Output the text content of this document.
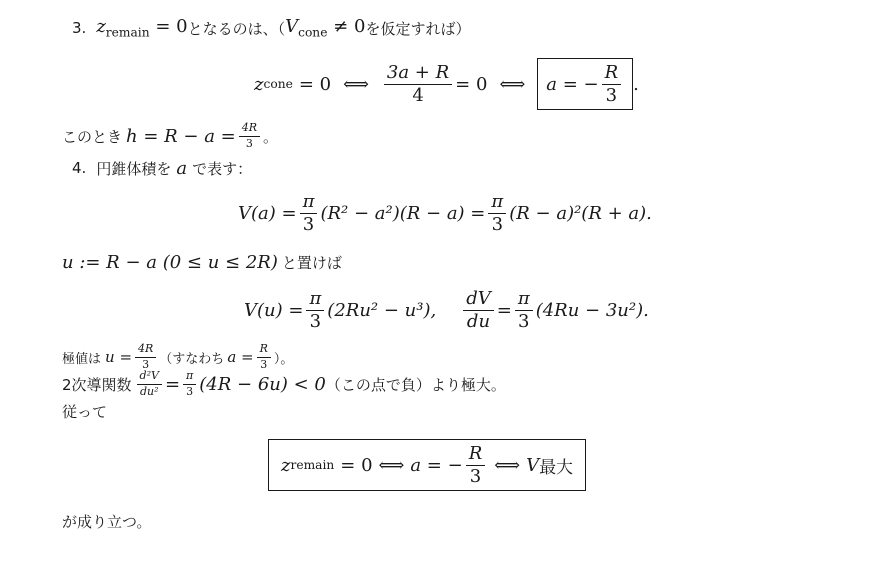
3. $z_{remain} = 0$ となるのは、（ $V_{cone} \ne 0$ を仮定すれば）
z cone = 0 ⟺ $\frac{3a + R}{4} = 0$ ⟺ a = − $\frac{R}{3}$ .
このとき $h = R - a = \frac{4R}{3}$ 。
4. 円錐体積を a で表す：
$V(a) = \frac{\pi}{3} (R^2 - a^2)(R - a) = \frac{\pi}{3} (R - a)^2(R + a)$.
u := R − a (0 ≤ u ≤ 2R) と置けば
$V(u) = \frac{\pi}{3} (2Ru^2 - u^3)$, $\frac{dV}{du} = \frac{\pi}{3} (4Ru - 3u^2)$.
極値は $u = \frac{4R}{3}$ （すなわち $a = \frac{R}{3}$ ）。
2次導関数 $\frac{\text{d²V}}{\text{du²}} = \frac{\pi}{3} (4R - 6u) < 0$ （この点で負）より極大。
従って
z remain = 0 ⟺ a = − $\frac{R}{3}$ ⟺ V 最大
が成り立つ。
